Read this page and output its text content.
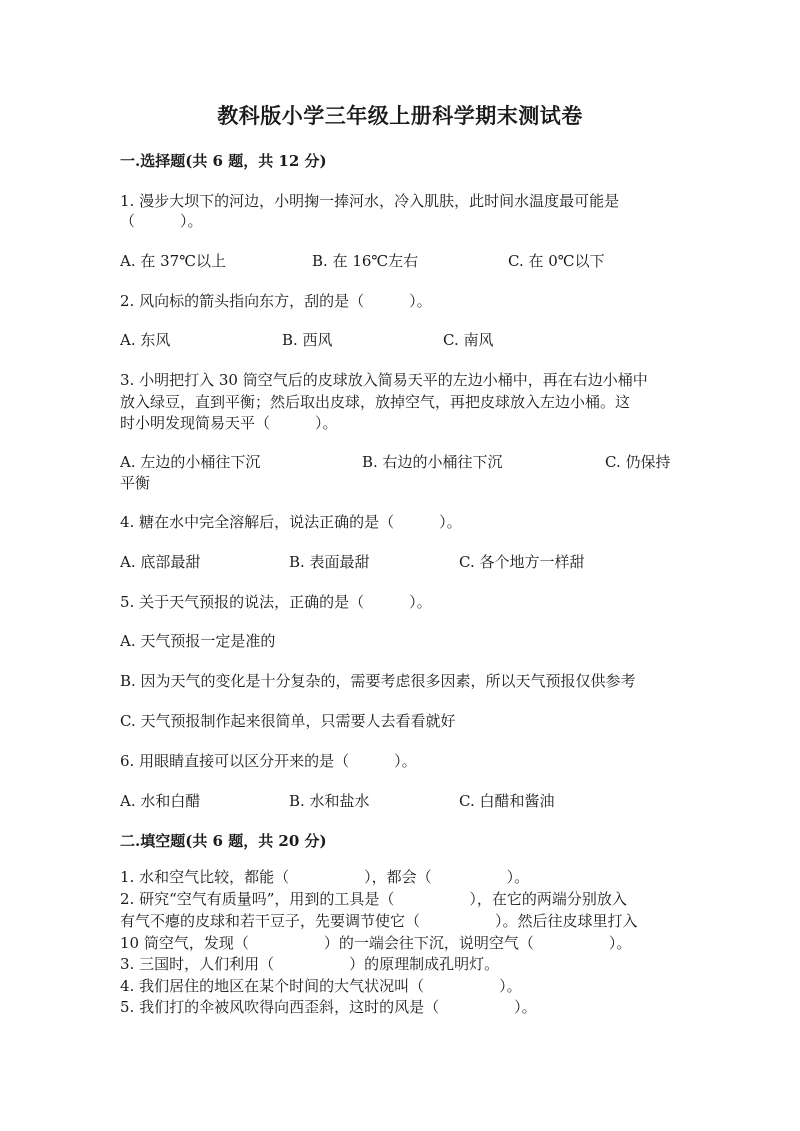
教科版小学三年级上册科学期末测试卷
一.选择题(共 6 题，共 12 分)
1. 漫步大坝下的河边，小明掬一捧河水，冷入肌肤，此时间水温度最可能是
（　　　）。
A. 在 37℃以上	B. 在 16℃左右	C. 在 0℃以下
2. 风向标的箭头指向东方，刮的是（　　　）。
A. 东风	B. 西风	C. 南风
3. 小明把打入 30 筒空气后的皮球放入简易天平的左边小桶中，再在右边小桶中
放入绿豆，直到平衡；然后取出皮球，放掉空气，再把皮球放入左边小桶。这
时小明发现简易天平（　　　）。
A. 左边的小桶往下沉	B. 右边的小桶往下沉	C. 仍保持
平衡
4. 糖在水中完全溶解后，说法正确的是（　　　）。
A. 底部最甜	B. 表面最甜	C. 各个地方一样甜
5. 关于天气预报的说法，正确的是（　　　）。
A. 天气预报一定是准的
B. 因为天气的变化是十分复杂的，需要考虑很多因素，所以天气预报仅供参考
C. 天气预报制作起来很简单，只需要人去看看就好
6. 用眼睛直接可以区分开来的是（　　　）。
A. 水和白醋	B. 水和盐水	C. 白醋和酱油
二.填空题(共 6 题，共 20 分)
1. 水和空气比较，都能（　　　　　），都会（　　　　　）。
2. 研究“空气有质量吗”，用到的工具是（　　　　　），在它的两端分别放入
有气不瘪的皮球和若干豆子，先要调节使它（　　　　　）。然后往皮球里打入
10 筒空气，发现（　　　　　）的一端会往下沉，说明空气（　　　　　）。
3. 三国时，人们利用（　　　　　）的原理制成孔明灯。
4. 我们居住的地区在某个时间的大气状况叫（　　　　　）。
5. 我们打的伞被风吹得向西歪斜，这时的风是（　　　　　）。
